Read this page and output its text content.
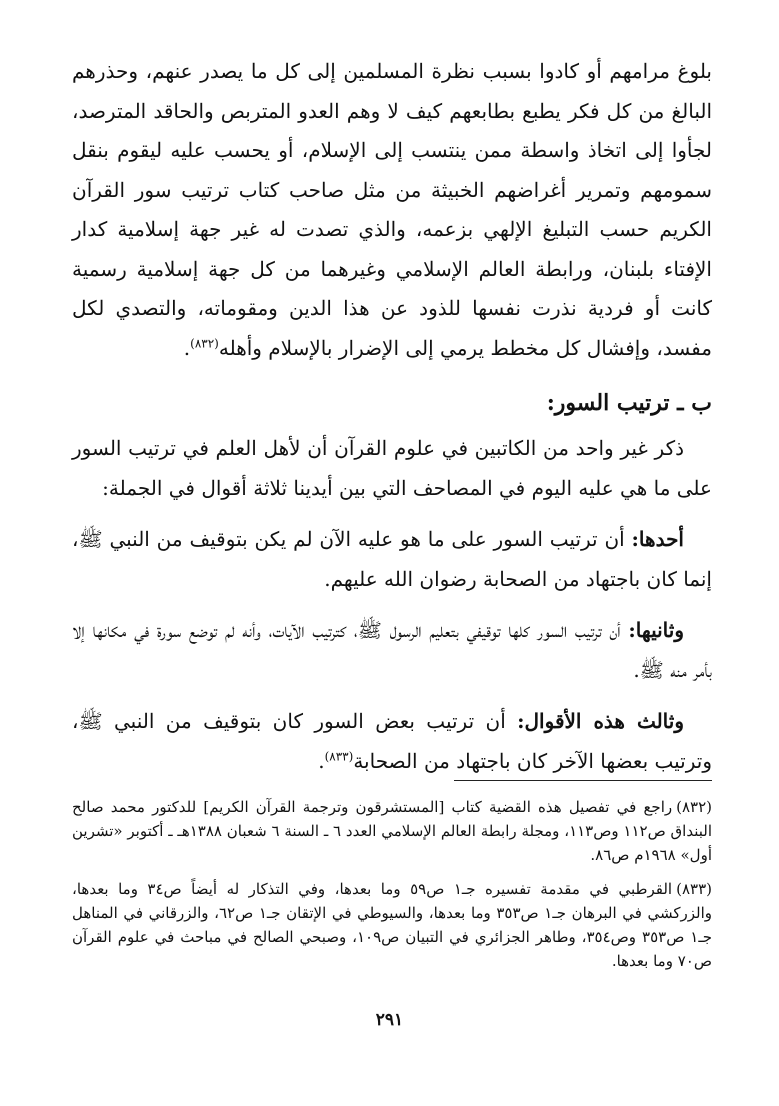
بلوغ مرامهم أو كادوا بسبب نظرة المسلمين إلى كل ما يصدر عنهم، وحذرهم البالغ من كل فكر يطبع بطابعهم كيف لا وهم العدو المتربص والحاقد المترصد، لجأوا إلى اتخاذ واسطة ممن ينتسب إلى الإسلام، أو يحسب عليه ليقوم بنقل سمومهم وتمرير أغراضهم الخبيثة من مثل صاحب كتاب ترتيب سور القرآن الكريم حسب التبليغ الإلهي بزعمه، والذي تصدت له غير جهة إسلامية كدار الإفتاء بلبنان، ورابطة العالم الإسلامي وغيرهما من كل جهة إسلامية رسمية كانت أو فردية نذرت نفسها للذود عن هذا الدين ومقوماته، والتصدي لكل مفسد، وإفشال كل مخطط يرمي إلى الإضرار بالإسلام وأهله$^{(٨٣٢)}$.

ب ـ ترتيب السور:

ذكر غير واحد من الكاتبين في علوم القرآن أن لأهل العلم في ترتيب السور على ما هي عليه اليوم في المصاحف التي بين أيدينا ثلاثة أقوال في الجملة:

أحدها: أن ترتيب السور على ما هو عليه الآن لم يكن بتوقيف من النبي ﷺ، إنما كان باجتهاد من الصحابة رضوان الله عليهم.

وثانيها: أن ترتيب السور كلها توقيفي بتعليم الرسول ﷺ، كترتيب الآيات، وأنه لم توضع سورة في مكانها إلا بأمر منه ﷺ.

وثالث هذه الأقوال: أن ترتيب بعض السور كان بتوقيف من النبي ﷺ، وترتيب بعضها الآخر كان باجتهاد من الصحابة$^{(٨٣٣)}$.

(٨٣٢)راجع في تفصيل هذه القضية كتاب [المستشرقون وترجمة القرآن الكريم] للدكتور محمد صالح البنداق ص١١٢ وص١١٣، ومجلة رابطة العالم الإسلامي العدد ٦ ـ السنة ٦ شعبان ١٣٨٨هـ ـ أكتوبر «تشرين أول» ١٩٦٨م ص٨٦.

(٨٣٣)القرطبي في مقدمة تفسيره جـ١ ص٥٩ وما بعدها، وفي التذكار له أيضاً ص٣٤ وما بعدها، والزركشي في البرهان جـ١ ص٣٥٣ وما بعدها، والسيوطي في الإتقان جـ١ ص٦٢، والزرقاني في المناهل جـ١ ص٣٥٣ وص٣٥٤، وطاهر الجزائري في التبيان ص١٠٩، وصبحي الصالح في مباحث في علوم القرآن ص٧٠ وما بعدها.

٢٩١
